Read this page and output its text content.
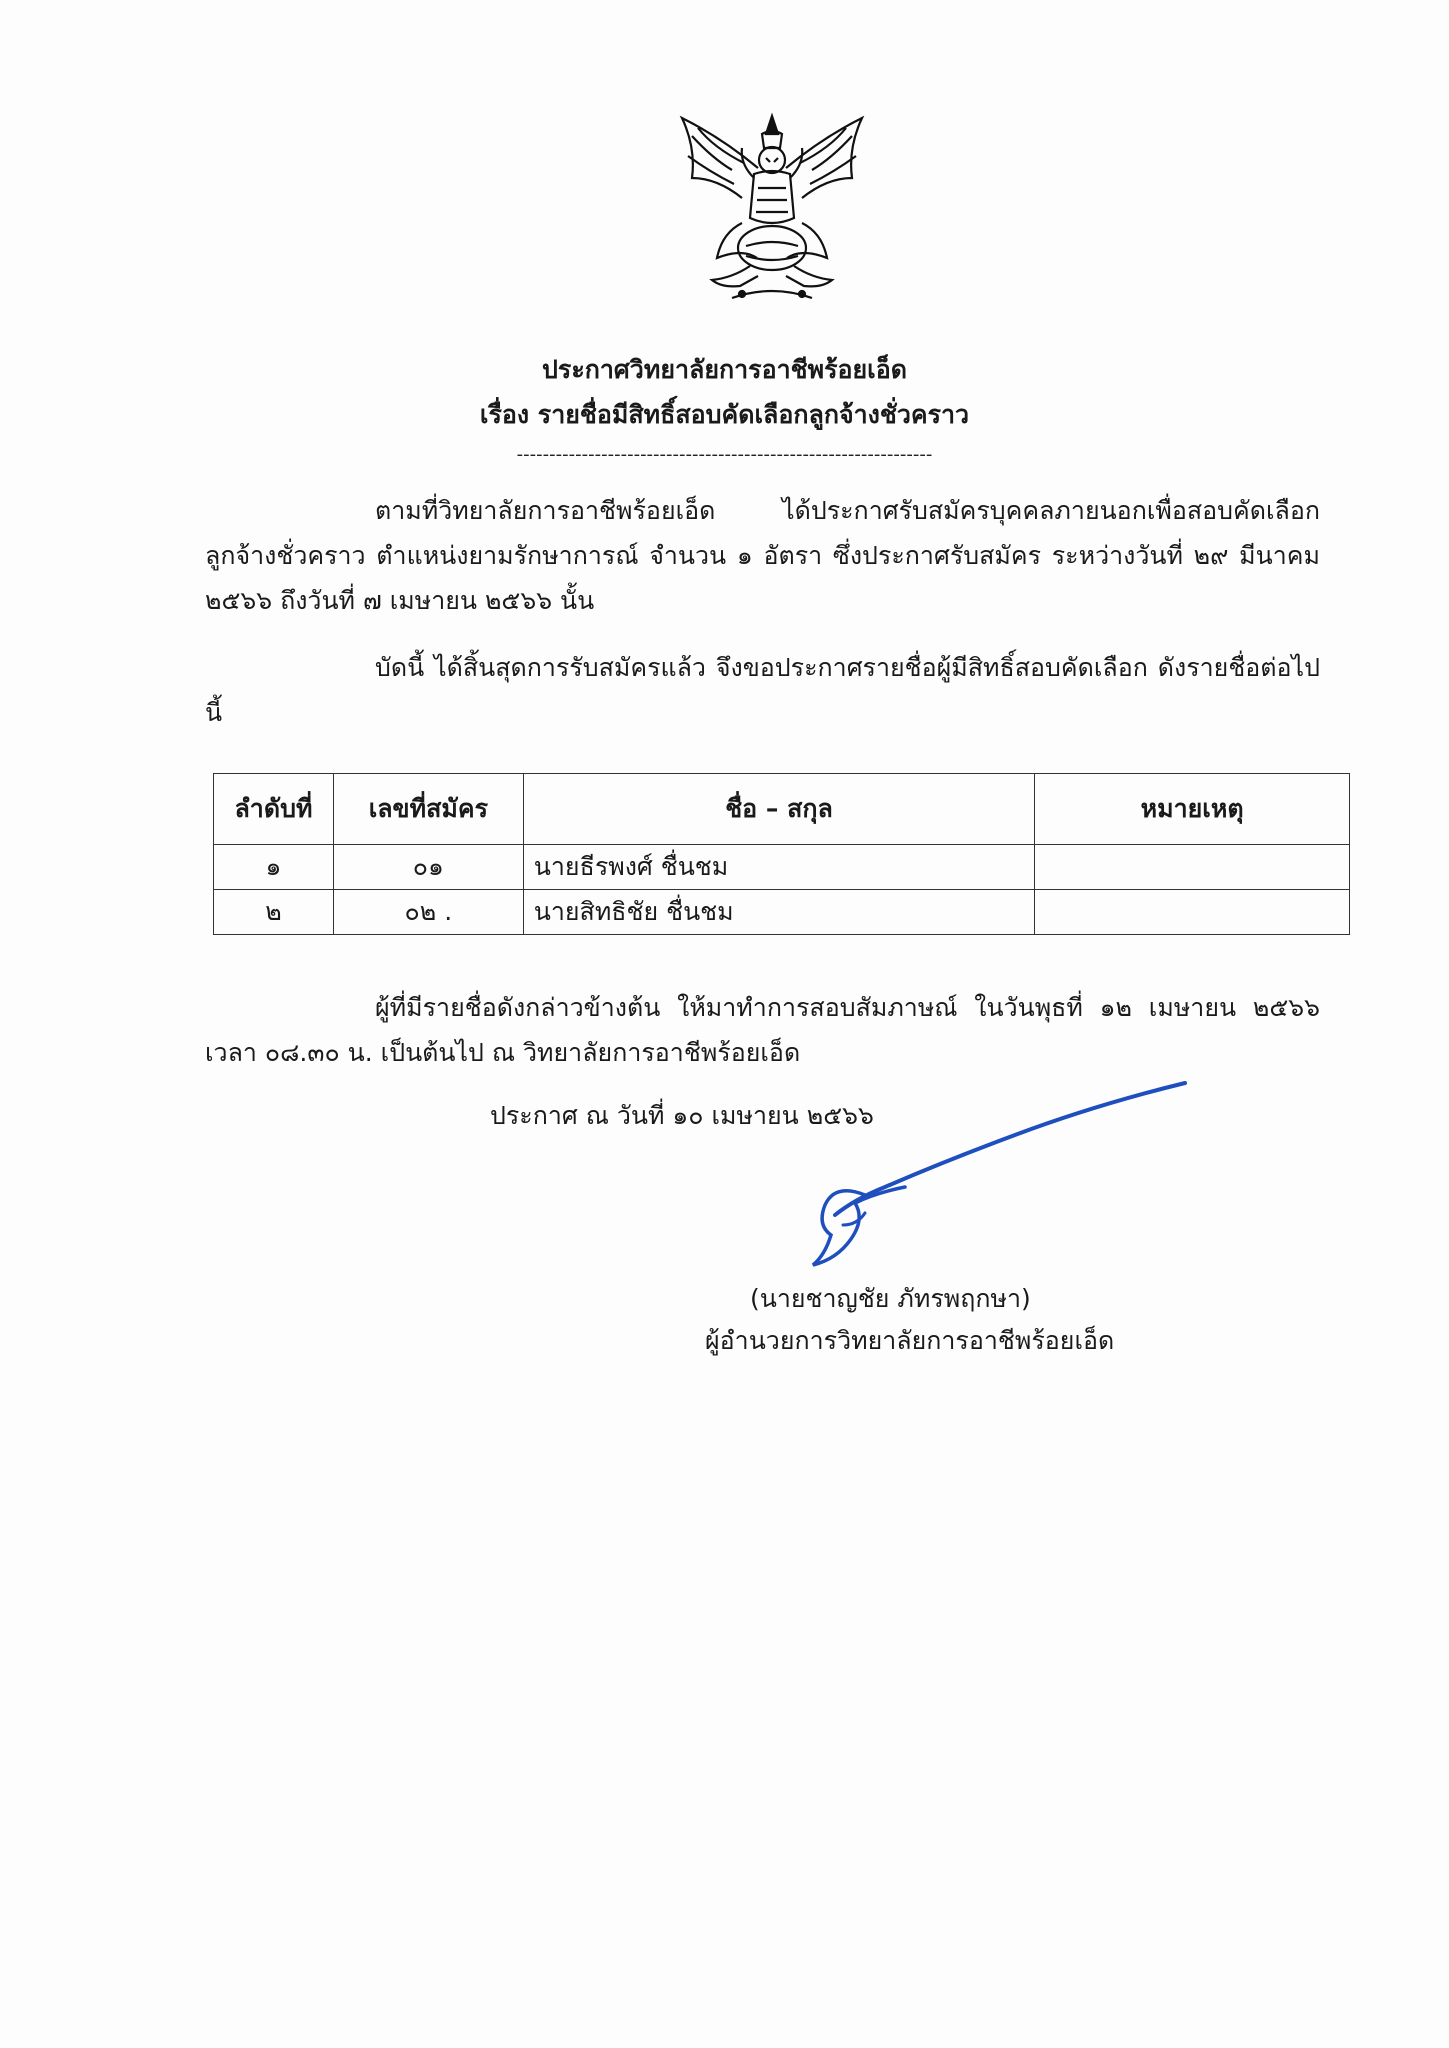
ประกาศวิทยาลัยการอาชีพร้อยเอ็ด
เรื่อง รายชื่อมีสิทธิ์สอบคัดเลือกลูกจ้างชั่วคราว
----------------------------------------------------------------
ตามที่วิทยาลัยการอาชีพร้อยเอ็ด ได้ประกาศรับสมัครบุคคลภายนอกเพื่อสอบคัดเลือกลูกจ้างชั่วคราว ตำแหน่งยามรักษาการณ์ จำนวน ๑ อัตรา ซึ่งประกาศรับสมัคร ระหว่างวันที่ ๒๙ มีนาคม ๒๕๖๖ ถึงวันที่ ๗ เมษายน ๒๕๖๖ นั้น
บัดนี้ ได้สิ้นสุดการรับสมัครแล้ว จึงขอประกาศรายชื่อผู้มีสิทธิ์สอบคัดเลือก ดังรายชื่อต่อไปนี้
ลำดับที่	เลขที่สมัคร	ชื่อ – สกุล	หมายเหตุ
๑	๐๑	นายธีรพงศ์ ชื่นชม	
๒	๐๒ .	นายสิทธิชัย ชื่นชม	
ผู้ที่มีรายชื่อดังกล่าวข้างต้น ให้มาทำการสอบสัมภาษณ์ ในวันพุธที่ ๑๒ เมษายน ๒๕๖๖ เวลา ๐๘.๓๐ น. เป็นต้นไป ณ วิทยาลัยการอาชีพร้อยเอ็ด
ประกาศ ณ วันที่ ๑๐ เมษายน ๒๕๖๖
(นายชาญชัย ภัทรพฤกษา)
ผู้อำนวยการวิทยาลัยการอาชีพร้อยเอ็ด
